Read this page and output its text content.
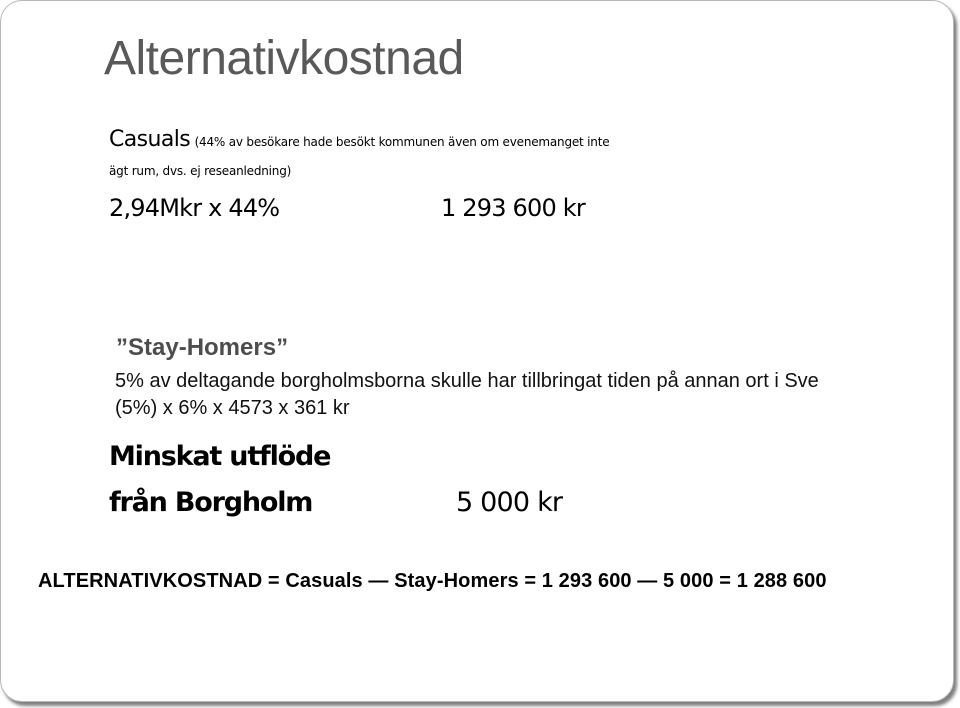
Alternativkostnad
Casuals (44% av besökare hade besökt kommunen även om evenemanget inte
ägt rum, dvs. ej reseanledning)
2,94Mkr x 44%	1 293 600 kr
”Stay-Homers”
5% av deltagande borgholmsborna skulle har tillbringat tiden på annan ort i Sve
(5%) x 6% x 4573 x 361 kr
Minskat utflöde
från Borgholm	5 000 kr
ALTERNATIVKOSTNAD = Casuals — Stay-Homers = 1 293 600 — 5 000 = 1 288 600
